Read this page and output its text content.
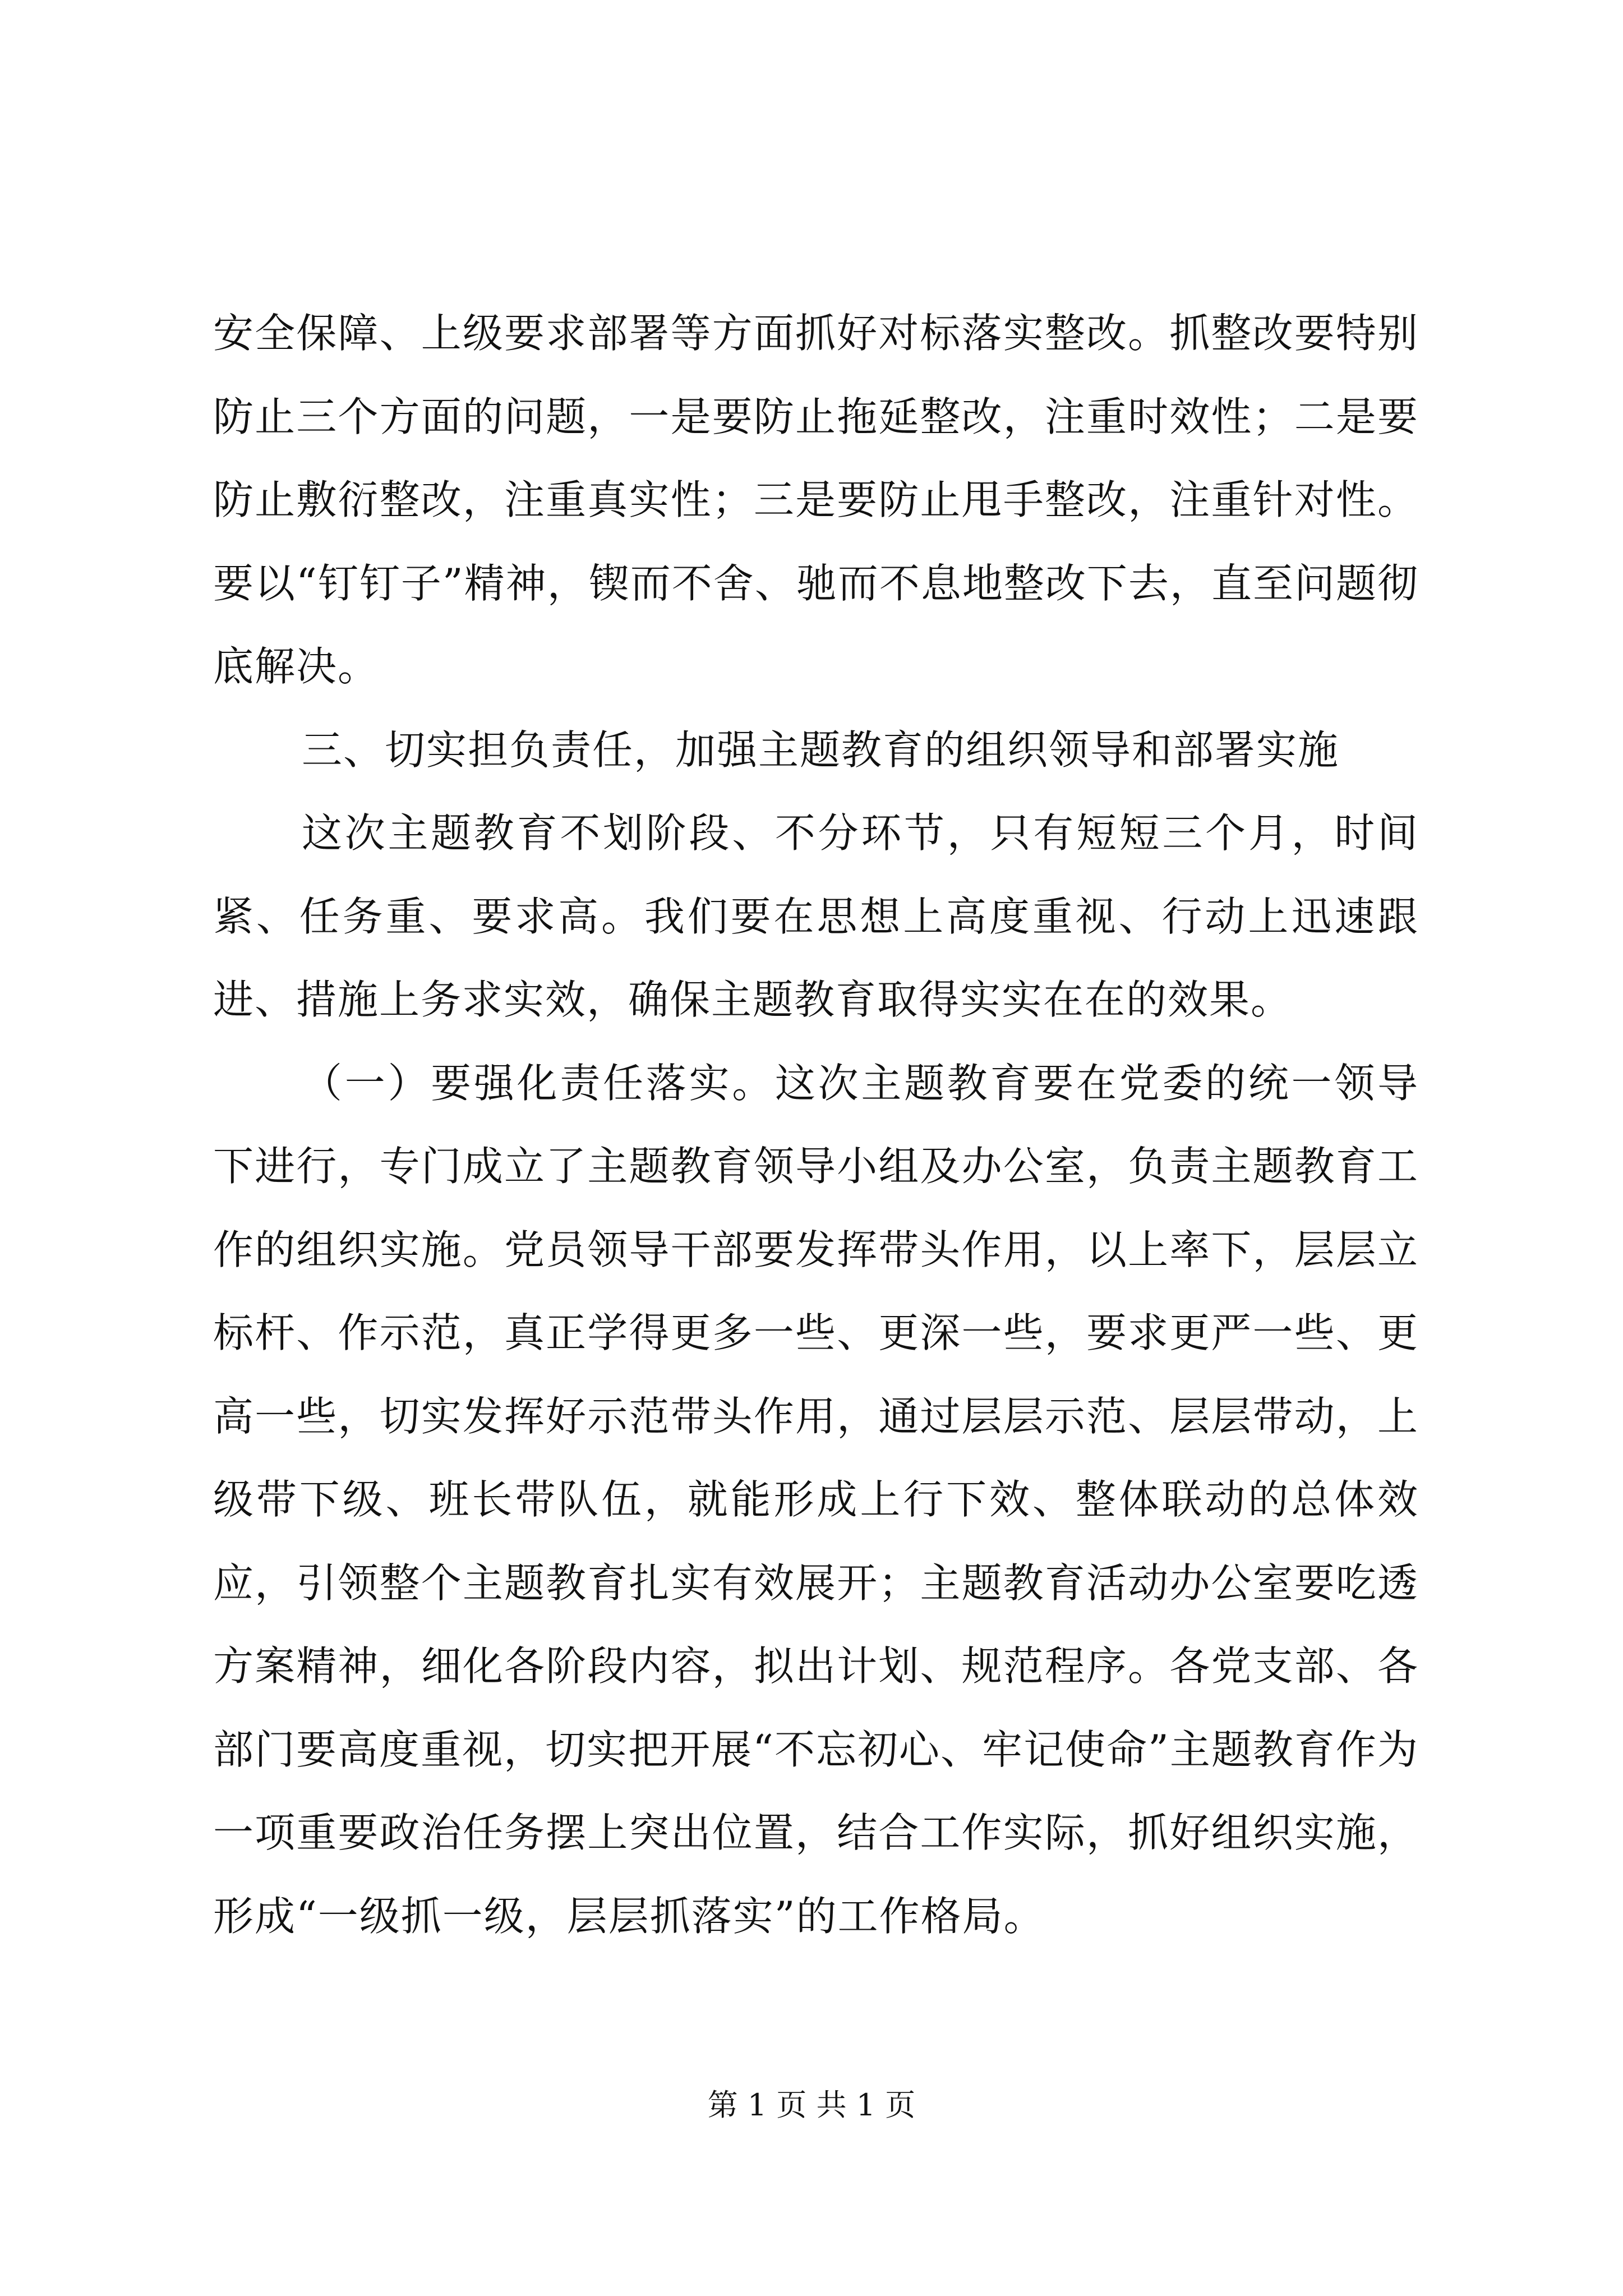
安全保障、上级要求部署等方面抓好对标落实整改。抓整改要特别防止三个方面的问题，一是要防止拖延整改，注重时效性；二是要防止敷衍整改，注重真实性；三是要防止甩手整改，注重针对性。要以“钉钉子”精神，锲而不舍、驰而不息地整改下去，直至问题彻底解决。

三、切实担负责任，加强主题教育的组织领导和部署实施

这次主题教育不划阶段、不分环节，只有短短三个月，时间紧、任务重、要求高。我们要在思想上高度重视、行动上迅速跟进、措施上务求实效，确保主题教育取得实实在在的效果。

（一）要强化责任落实。这次主题教育要在党委的统一领导下进行，专门成立了主题教育领导小组及办公室，负责主题教育工作的组织实施。党员领导干部要发挥带头作用，以上率下，层层立标杆、作示范，真正学得更多一些、更深一些，要求更严一些、更高一些，切实发挥好示范带头作用，通过层层示范、层层带动，上级带下级、班长带队伍，就能形成上行下效、整体联动的总体效应，引领整个主题教育扎实有效展开；主题教育活动办公室要吃透方案精神，细化各阶段内容，拟出计划、规范程序。各党支部、各部门要高度重视，切实把开展“不忘初心、牢记使命”主题教育作为一项重要政治任务摆上突出位置，结合工作实际，抓好组织实施，形成“一级抓一级，层层抓落实”的工作格局。

第 1 页 共 1 页
